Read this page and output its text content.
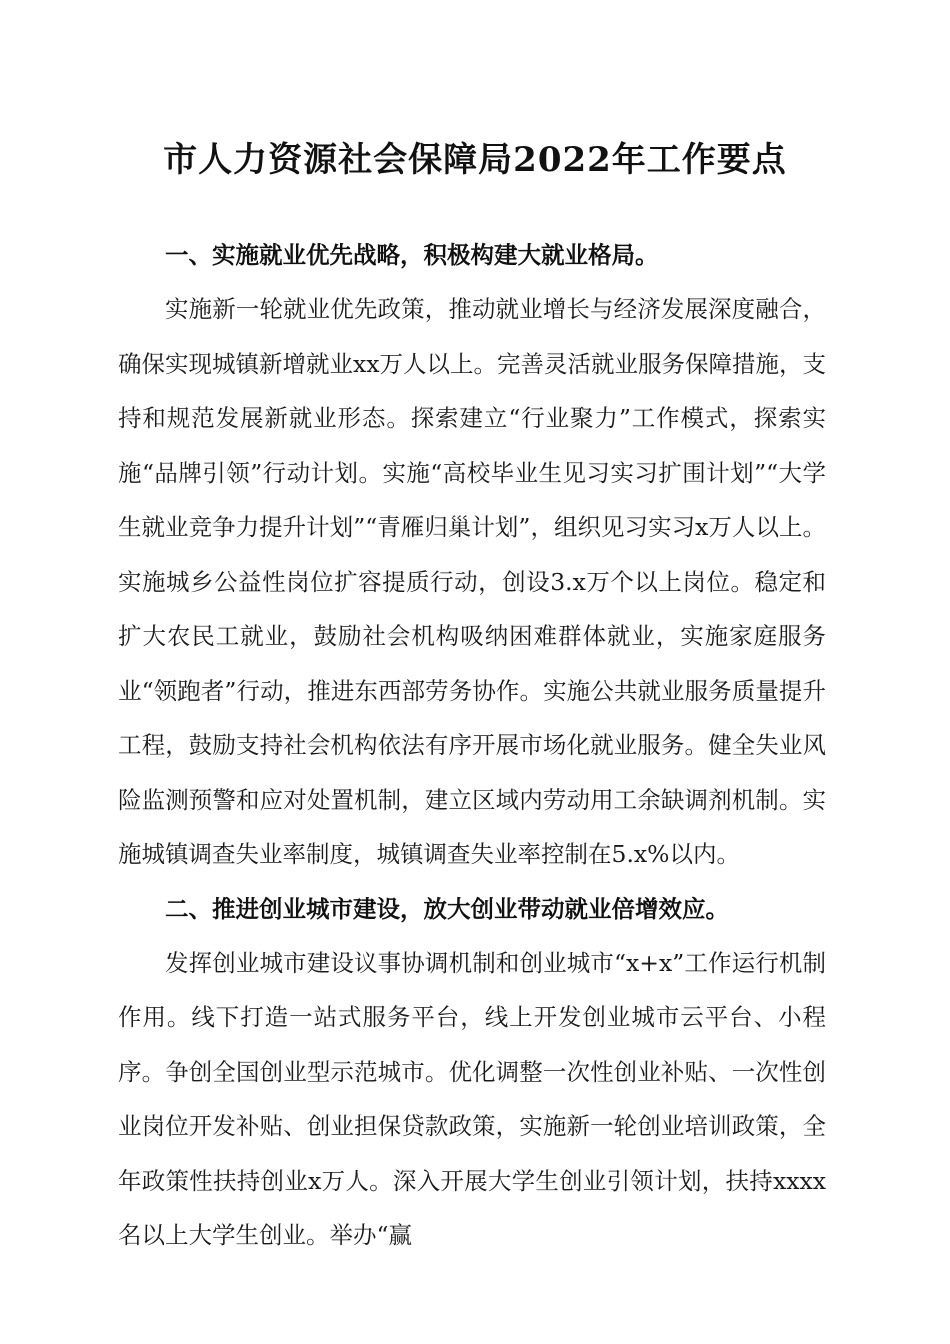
市人力资源社会保障局2022年工作要点

一、实施就业优先战略，积极构建大就业格局。

实施新一轮就业优先政策，推动就业增长与经济发展深度融合，确保实现城镇新增就业xx万人以上。完善灵活就业服务保障措施，支持和规范发展新就业形态。探索建立“行业聚力”工作模式，探索实施“品牌引领”行动计划。实施“高校毕业生见习实习扩围计划”“大学生就业竞争力提升计划”“青雁归巢计划”，组织见习实习x万人以上。实施城乡公益性岗位扩容提质行动，创设3.x万个以上岗位。稳定和扩大农民工就业，鼓励社会机构吸纳困难群体就业，实施家庭服务业“领跑者”行动，推进东西部劳务协作。实施公共就业服务质量提升工程，鼓励支持社会机构依法有序开展市场化就业服务。健全失业风险监测预警和应对处置机制，建立区域内劳动用工余缺调剂机制。实施城镇调查失业率制度，城镇调查失业率控制在5.x%以内。

二、推进创业城市建设，放大创业带动就业倍增效应。

发挥创业城市建设议事协调机制和创业城市“x+x”工作运行机制作用。线下打造一站式服务平台，线上开发创业城市云平台、小程序。争创全国创业型示范城市。优化调整一次性创业补贴、一次性创业岗位开发补贴、创业担保贷款政策，实施新一轮创业培训政策，全年政策性扶持创业x万人。深入开展大学生创业引领计划，扶持xxxx名以上大学生创业。举办“赢
